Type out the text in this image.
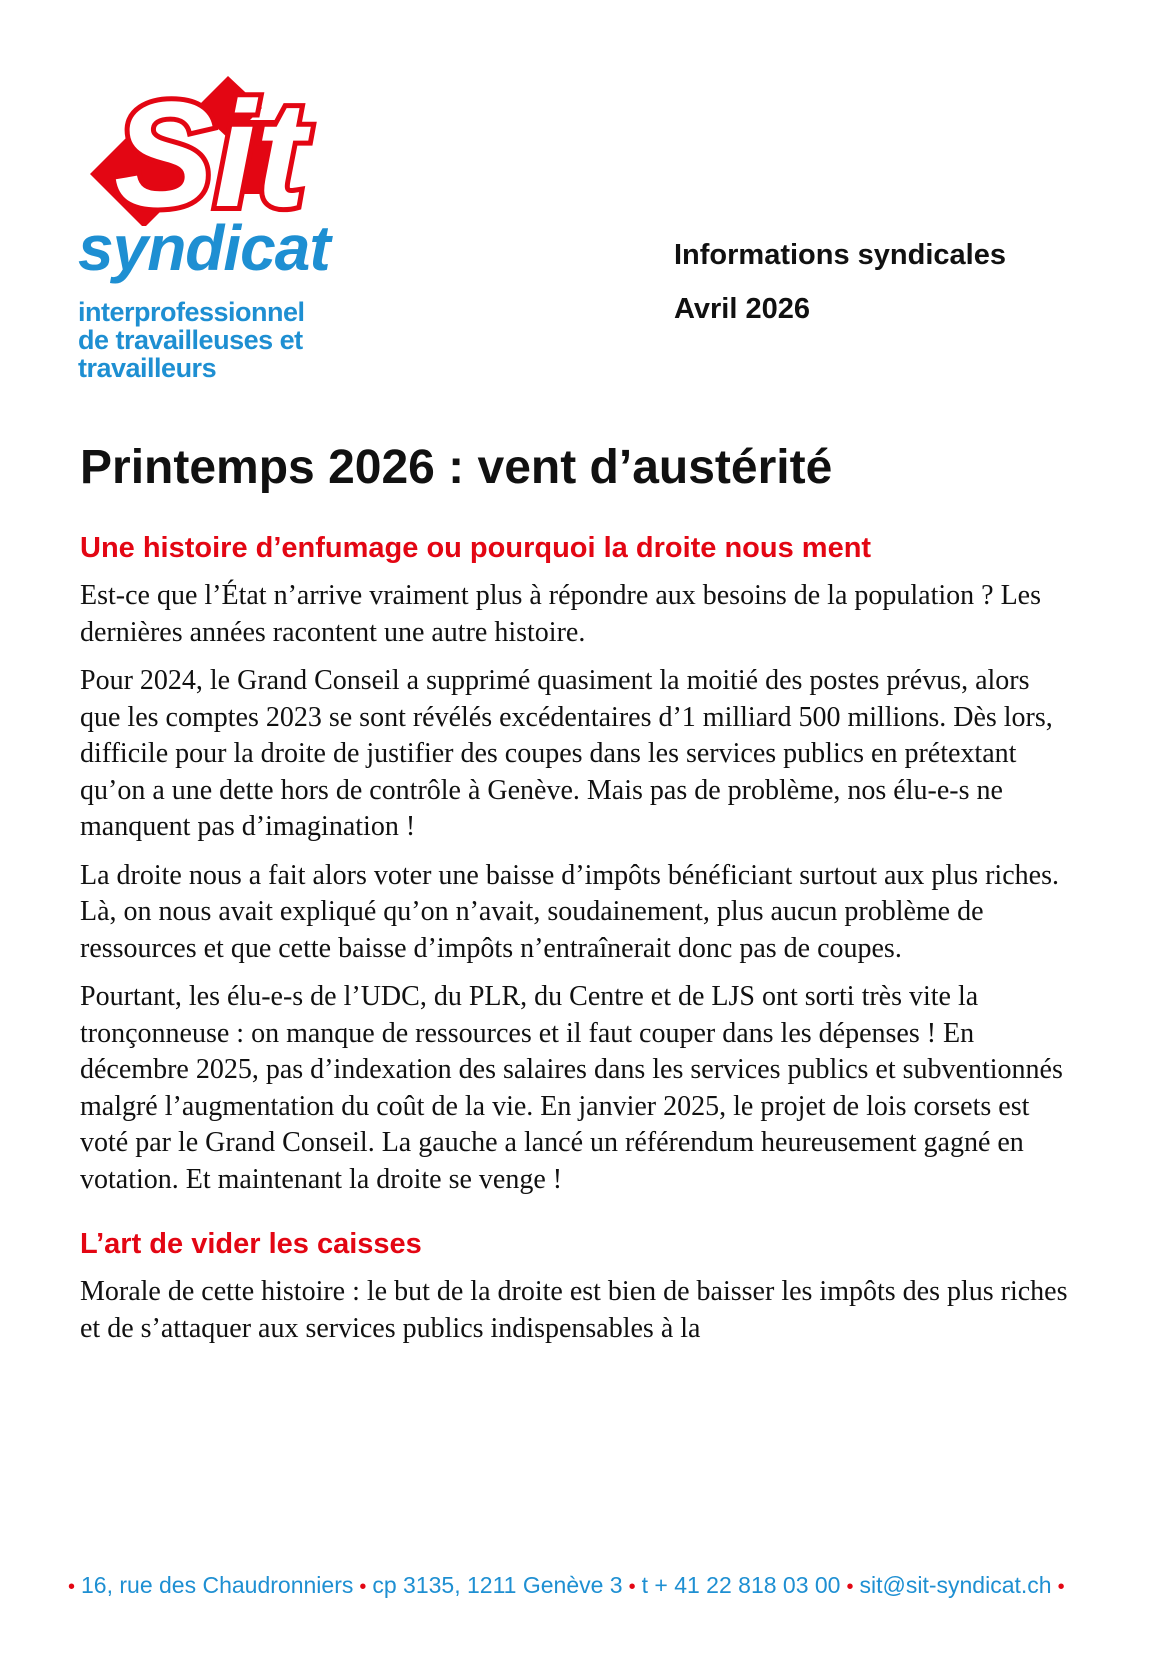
Sit
syndicat
interprofessionnel
de travailleuses et
travailleurs
Informations syndicales
Avril 2026
Printemps 2026 : vent d’austérité
Une histoire d’enfumage ou pourquoi la droite nous ment

Est-ce que l’État n’arrive vraiment plus à répondre aux besoins de la population ? Les dernières années racontent une autre histoire.

Pour 2024, le Grand Conseil a supprimé quasiment la moitié des postes prévus, alors que les comptes 2023 se sont révélés excédentaires d’1 milliard 500 millions. Dès lors, difficile pour la droite de justifier des coupes dans les services publics en prétextant qu’on a une dette hors de contrôle à Genève. Mais pas de problème, nos élu-e-s ne manquent pas d’imagination !

La droite nous a fait alors voter une baisse d’impôts bénéficiant surtout aux plus riches. Là, on nous avait expliqué qu’on n’avait, soudainement, plus aucun problème de ressources et que cette baisse d’impôts n’entraînerait donc pas de coupes.

Pourtant, les élu-e-s de l’UDC, du PLR, du Centre et de LJS ont sorti très vite la tronçonneuse : on manque de ressources et il faut couper dans les dépenses ! En décembre 2025, pas d’indexation des salaires dans les services publics et subventionnés malgré l’augmentation du coût de la vie. En janvier 2025, le projet de lois corsets est voté par le Grand Conseil. La gauche a lancé un référendum heureusement gagné en votation. Et maintenant la droite se venge !

L’art de vider les caisses

Morale de cette histoire : le but de la droite est bien de baisser les impôts des plus riches et de s’attaquer aux services publics indispensables à la

• 16, rue des Chaudronniers • cp 3135, 1211 Genève 3 • t + 41 22 818 03 00 • sit@sit-syndicat.ch •
